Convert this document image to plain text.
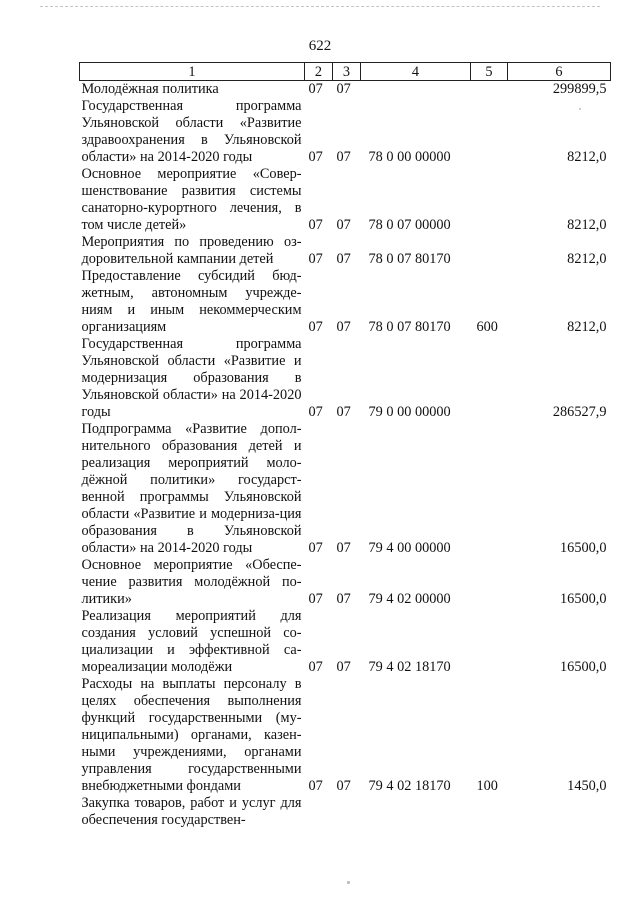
622
1	2	3	4	5	6
Молодёжная политика	07	07			299899,5
Государственная программа Ульяновской области «Развитие здравоохранения в Ульяновской области» на 2014-2020 годы	07	07	78 0 00 00000		8212,0
Основное мероприятие «Совер-шенствование развития системы санаторно-курортного лечения, в том числе детей»	07	07	78 0 07 00000		8212,0
Мероприятия по проведению оз-доровительной кампании детей	07	07	78 0 07 80170		8212,0
Предоставление субсидий бюд-жетным, автономным учрежде-ниям и иным некоммерческим организациям	07	07	78 0 07 80170	600	8212,0
Государственная программа Ульяновской области «Развитие и модернизация образования в Ульяновской области» на 2014-2020 годы	07	07	79 0 00 00000		286527,9
Подпрограмма «Развитие допол-нительного образования детей и реализация мероприятий моло-дёжной политики» государст-венной программы Ульяновской области «Развитие и модерниза-ция образования в Ульяновской области» на 2014-2020 годы	07	07	79 4 00 00000		16500,0
Основное мероприятие «Обеспе-чение развития молодёжной по-литики»	07	07	79 4 02 00000		16500,0
Реализация мероприятий для создания условий успешной со-циализации и эффективной са-мореализации молодёжи	07	07	79 4 02 18170		16500,0
Расходы на выплаты персоналу в целях обеспечения выполнения функций государственными (му-ниципальными) органами, казен-ными учреждениями, органами управления государственными внебюджетными фондами	07	07	79 4 02 18170	100	1450,0
Закупка товаров, работ и услуг для обеспечения государствен-					
